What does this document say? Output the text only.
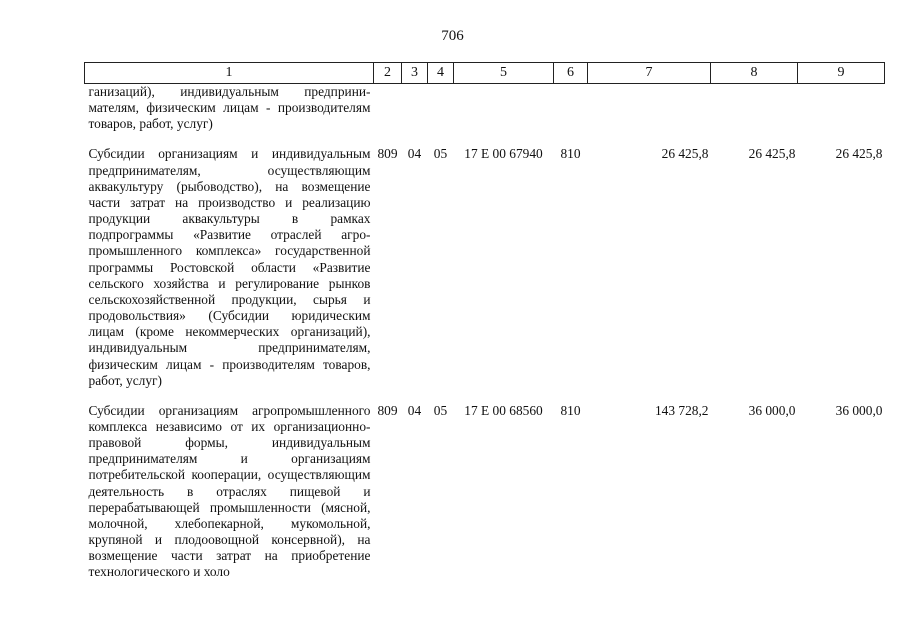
706
1	2	3	4	5	6	7	8	9
ганизаций), индивидуальным предпринимателям, физическим лицам - производителям товаров, работ, услуг)								

Субсидии организациям и индивидуальным предпринимателям, осуществляющим аквакультуру (рыбоводство), на возмещение части затрат на производство и реализацию продукции аквакультуры в рамках подпрограммы «Развитие отраслей агропромышленного комплекса» государственной программы Ростовской области «Развитие сельского хозяйства и регулирование рынков сельскохозяйственной продукции, сырья и продовольствия» (Субсидии юридическим лицам (кроме некоммерческих организаций), индивидуальным предпринимателям, физическим лицам - производителям товаров, работ, услуг)	809	04	05	17 Е 00 67940	810	26 425,8	26 425,8	26 425,8

Субсидии организациям агропромышленного комплекса независимо от их организационно-правовой формы, индивидуальным предпринимателям и организациям потребительской кооперации, осуществляющим деятельность в отраслях пищевой и перерабатывающей промышленности (мясной, молочной, хлебопекарной, мукомольной, крупяной и плодоовощной консервной), на возмещение части затрат на приобретение технологического и холо	809	04	05	17 Е 00 68560	810	143 728,2	36 000,0	36 000,0
